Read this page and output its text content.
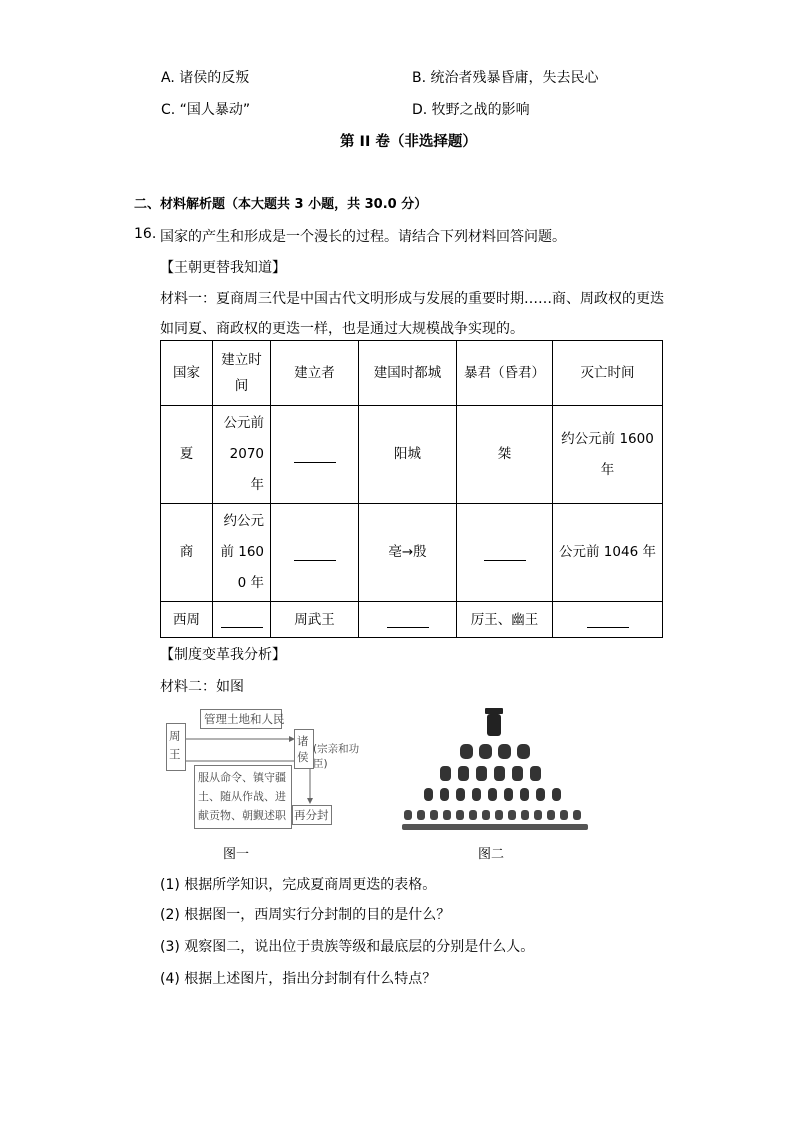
A. 诸侯的反叛	B. 统治者残暴昏庸，失去民心
C. “国人暴动”	D. 牧野之战的影响
第 II 卷（非选择题）
二、材料解析题（本大题共 3 小题，共 30.0 分）
16. 国家的产生和形成是一个漫长的过程。请结合下列材料回答问题。
【王朝更替我知道】
材料一：夏商周三代是中国古代文明形成与发展的重要时期……商、周政权的更迭
如同夏、商政权的更迭一样，也是通过大规模战争实现的。
国家	建立时间	建立者	建国时都城	暴君（昏君）	灭亡时间
夏	公元前 2070 年		阳城	桀	约公元前 1600 年
商	约公元前 1600 年		亳→殷		公元前 1046 年
西周		周武王		厉王、幽王	
【制度变革我分析】
材料二：如图
周王
管理土地和人民
诸侯
(宗亲和功臣)
服从命令、镇守疆土、随从作战、进献贡物、朝觐述职 再分封
图一	图二
(1) 根据所学知识，完成夏商周更迭的表格。
(2) 根据图一，西周实行分封制的目的是什么？
(3) 观察图二，说出位于贵族等级和最底层的分别是什么人。
(4) 根据上述图片，指出分封制有什么特点？
